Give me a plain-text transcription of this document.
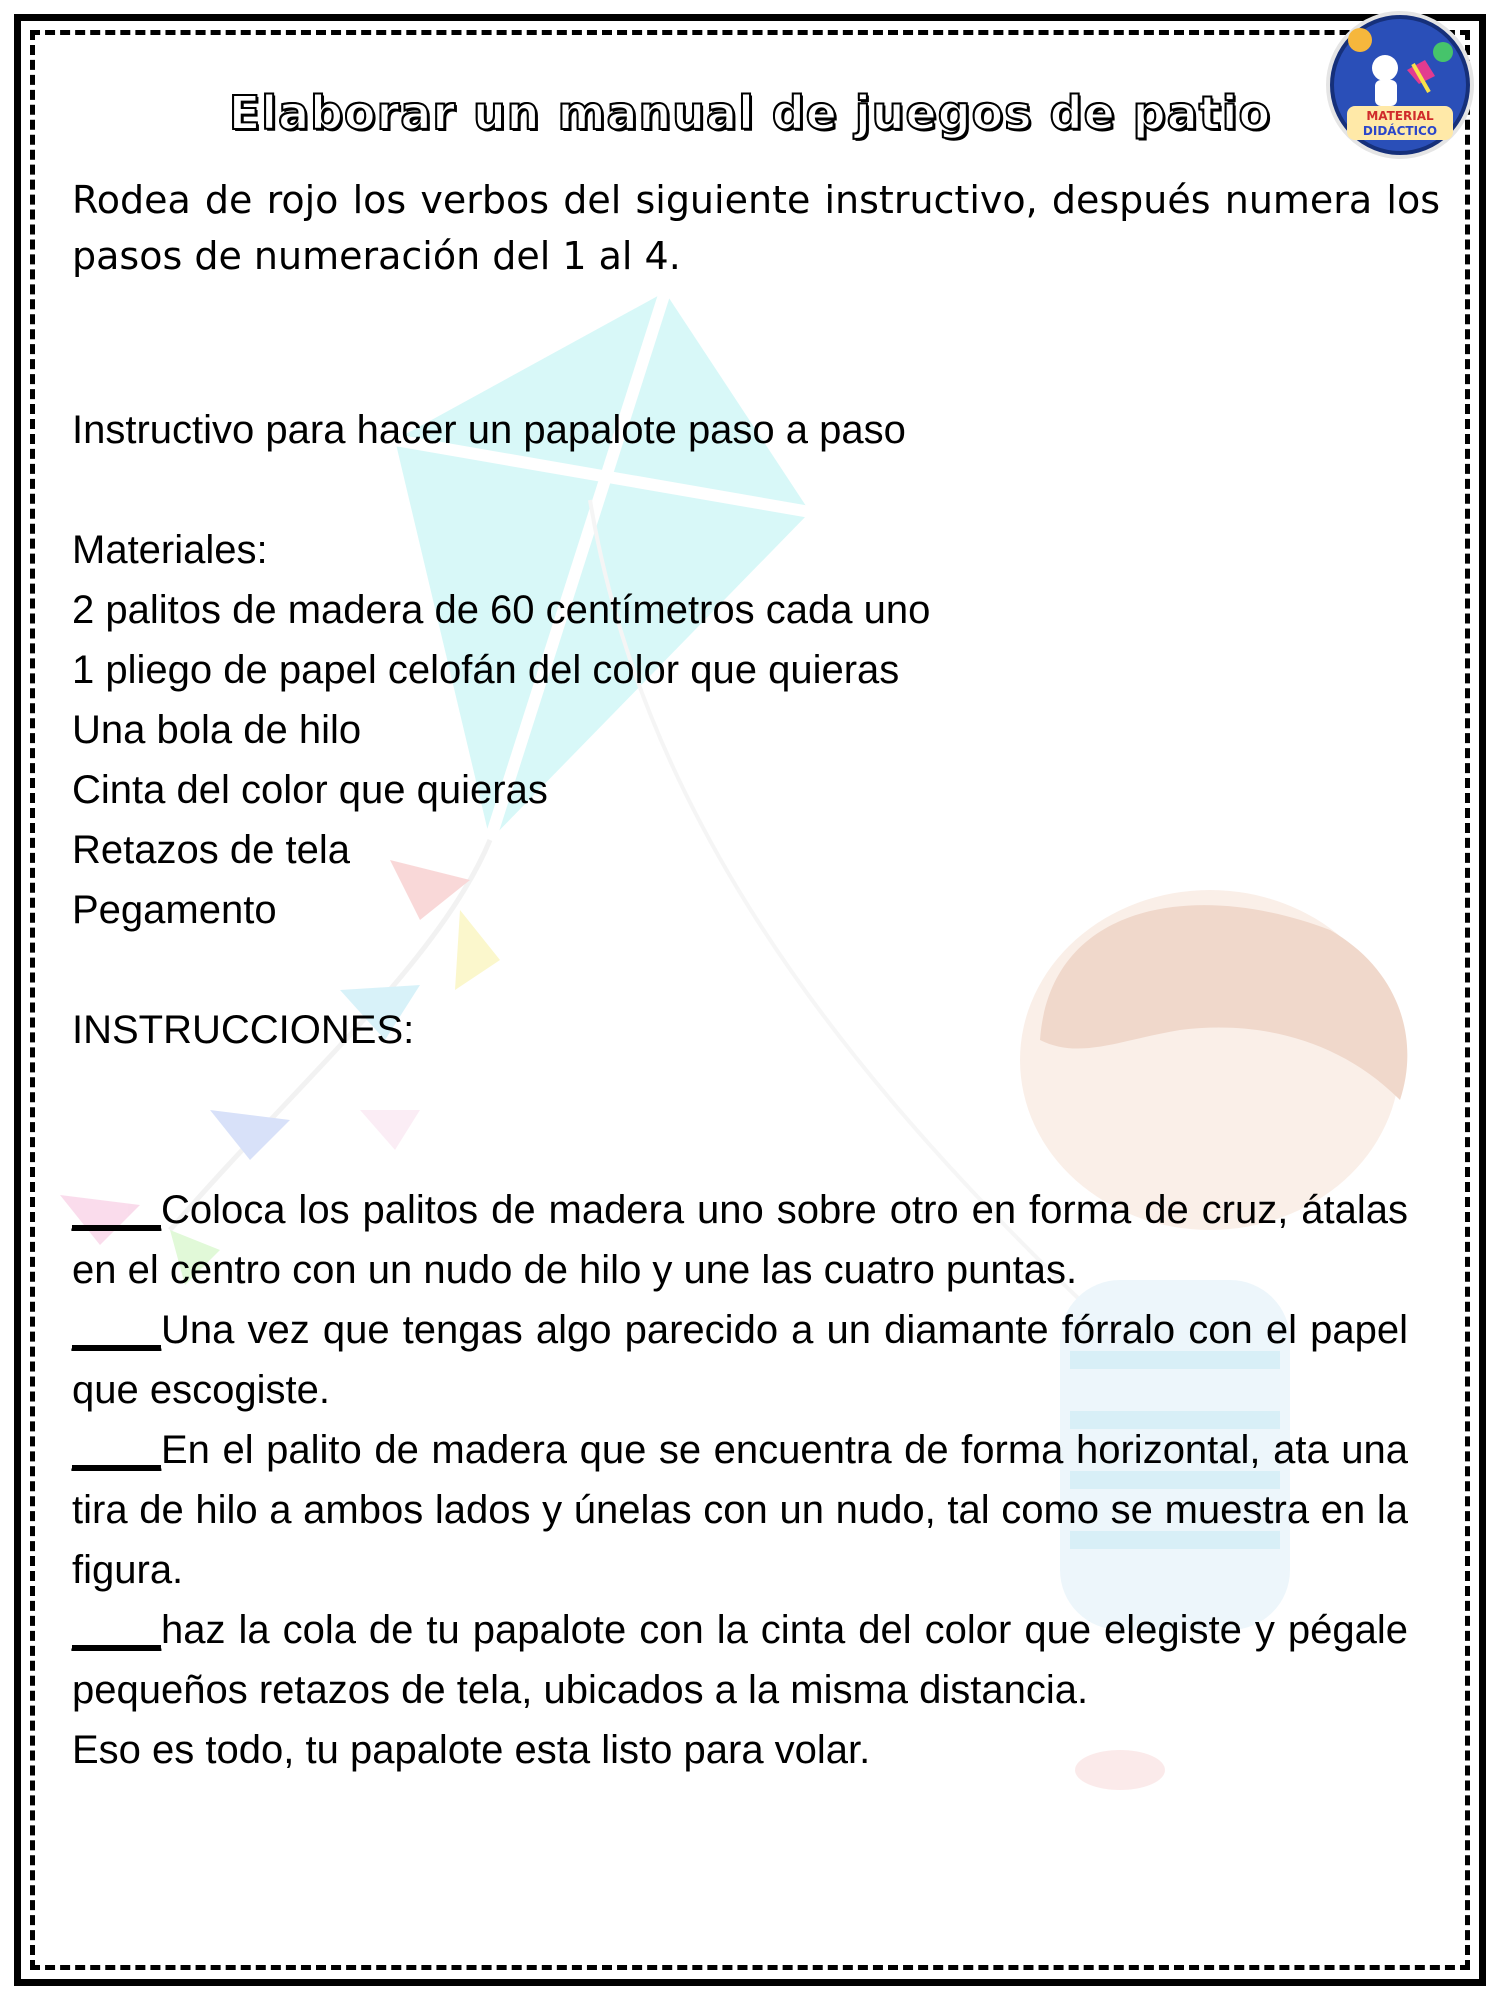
MATERIAL
DIDÁCTICO
Elaborar un manual de juegos de patio

Rodea de rojo los verbos del siguiente instructivo, después numera los pasos de numeración del 1 al 4.

Instructivo para hacer un papalote paso a paso

Materiales:

2 palitos de madera de 60 centímetros cada uno

1 pliego de papel celofán del color que quieras

Una bola de hilo

Cinta del color que quieras

Retazos de tela

Pegamento

INSTRUCCIONES:

____Coloca los palitos de madera uno sobre otro en forma de cruz, átalas en el centro con un nudo de hilo y une las cuatro puntas.

____Una vez que tengas algo parecido a un diamante fórralo con el papel que escogiste.

____En el palito de madera que se encuentra de forma horizontal, ata una tira de hilo a ambos lados y únelas con un nudo, tal como se muestra en la figura.

____haz la cola de tu papalote con la cinta del color que elegiste y pégale pequeños retazos de tela, ubicados a la misma distancia.

Eso es todo, tu papalote esta listo para volar.
